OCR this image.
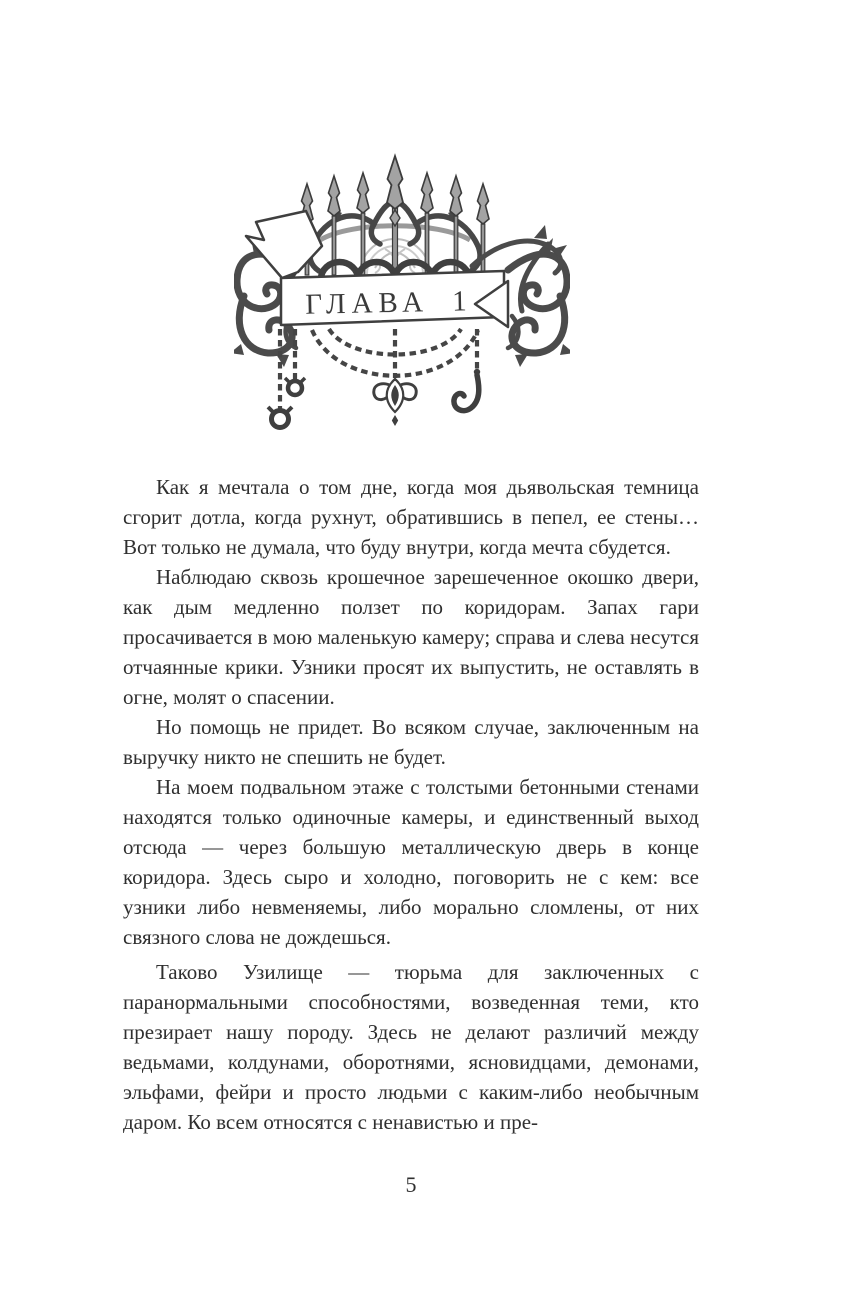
ГЛАВА 1

Как я мечтала о том дне, когда моя дьявольская темница сгорит дотла, когда рухнут, обратившись в пепел, ее стены… Вот только не думала, что буду внутри, когда мечта сбудется.

Наблюдаю сквозь крошечное зарешеченное окошко двери, как дым медленно ползет по коридорам. Запах гари просачивается в мою маленькую камеру; справа и слева несутся отчаянные крики. Узники просят их выпустить, не оставлять в огне, молят о спасении.

Но помощь не придет. Во всяком случае, заключенным на выручку никто не спешить не будет.

На моем подвальном этаже с толстыми бетонными стенами находятся только одиночные камеры, и единственный выход отсюда — через большую металлическую дверь в конце коридора. Здесь сыро и холодно, поговорить не с кем: все узники либо невменяемы, либо морально сломлены, от них связного слова не дождешься.

Таково Узилище — тюрьма для заключенных с паранормальными способностями, возведенная теми, кто презирает нашу породу. Здесь не делают различий между ведьмами, колдунами, оборотнями, ясновидцами, демонами, эльфами, фейри и просто людьми с каким-либо необычным даром. Ко всем относятся с ненавистью и пре-

5
